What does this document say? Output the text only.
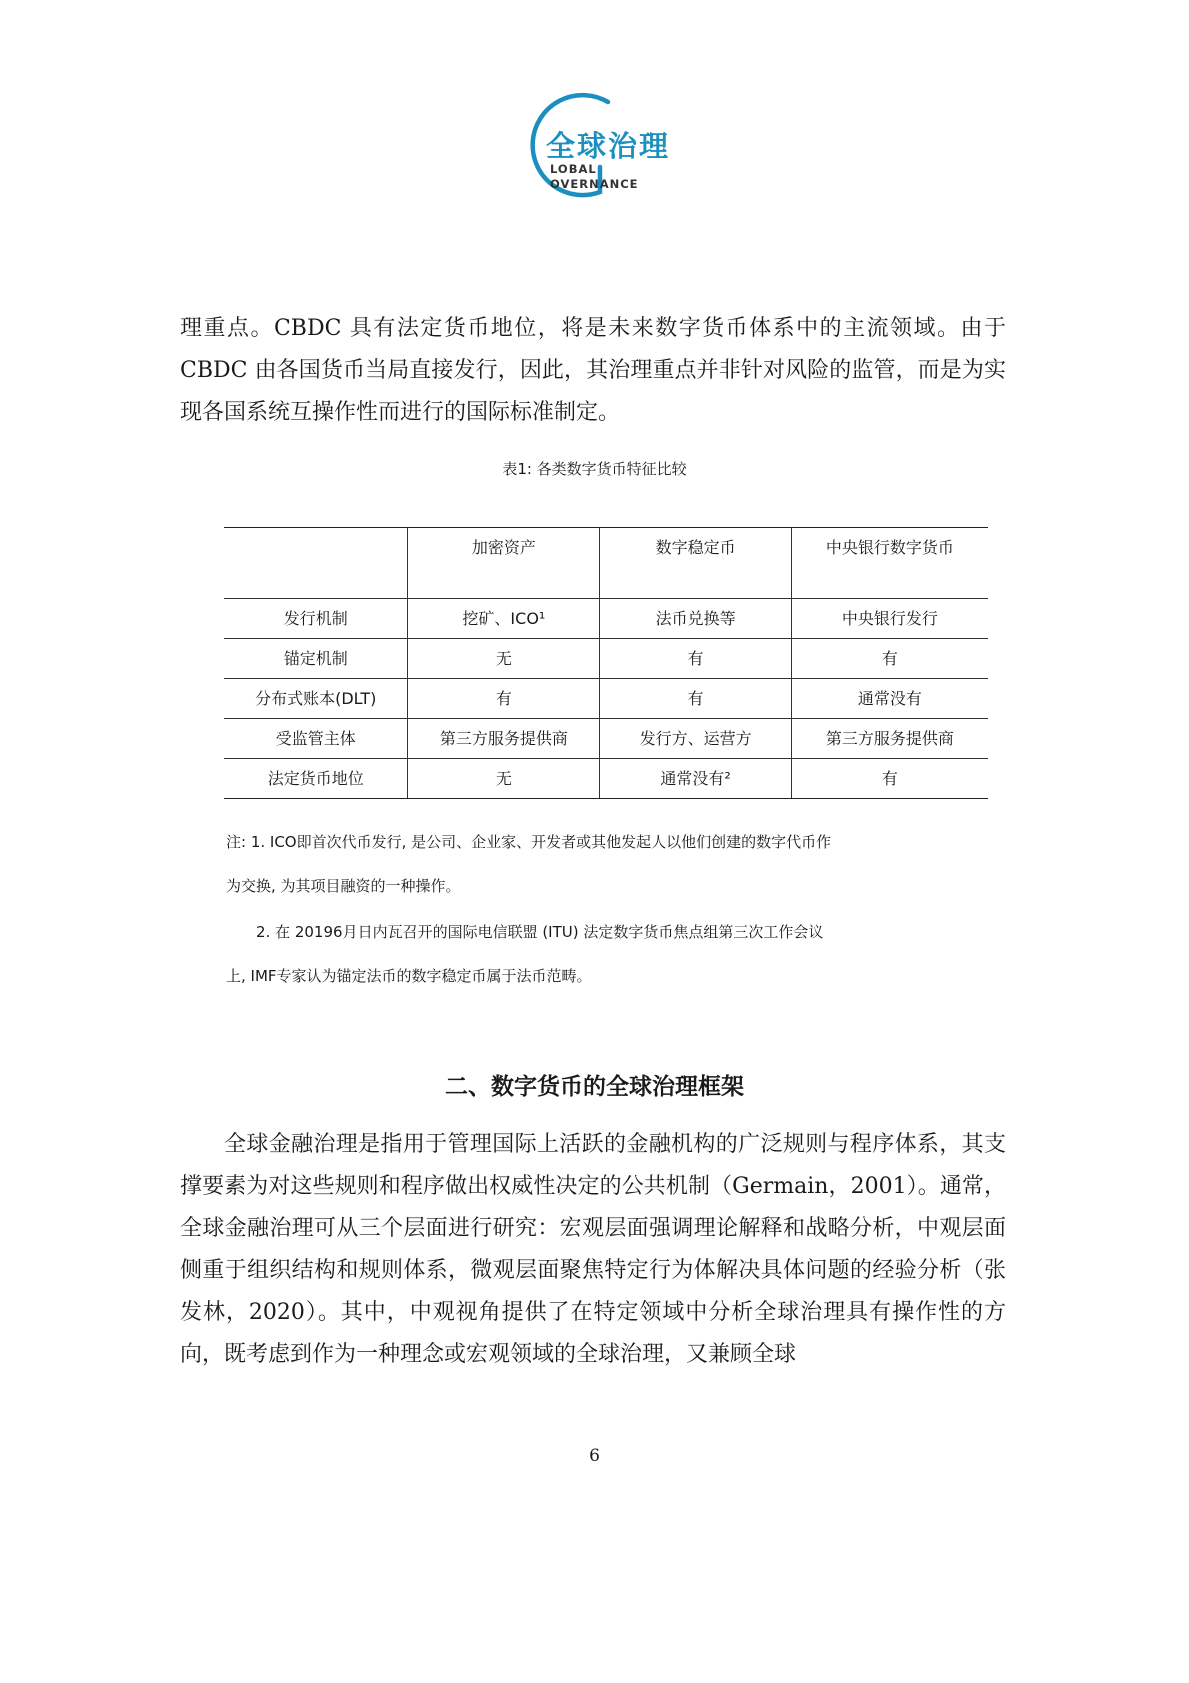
全球治理
LOBAL
OVERNANCE

理重点。CBDC 具有法定货币地位，将是未来数字货币体系中的主流领域。由于 CBDC 由各国货币当局直接发行，因此，其治理重点并非针对风险的监管，而是为实现各国系统互操作性而进行的国际标准制定。

表1: 各类数字货币特征比较
	加密资产	数字稳定币	中央银行数字货币
发行机制	挖矿、ICO¹	法币兑换等	中央银行发行
锚定机制	无	有	有
分布式账本(DLT)	有	有	通常没有
受监管主体	第三方服务提供商	发行方、运营方	第三方服务提供商
法定货币地位	无	通常没有²	有
注: 1. ICO即首次代币发行, 是公司、企业家、开发者或其他发起人以他们创建的数字代币作
为交换, 为其项目融资的一种操作。
2. 在 20196月日内瓦召开的国际电信联盟 (ITU) 法定数字货币焦点组第三次工作会议
上, IMF专家认为锚定法币的数字稳定币属于法币范畴。
二、数字货币的全球治理框架

全球金融治理是指用于管理国际上活跃的金融机构的广泛规则与程序体系，其支撑要素为对这些规则和程序做出权威性决定的公共机制（Germain，2001）。通常，全球金融治理可从三个层面进行研究：宏观层面强调理论解释和战略分析，中观层面侧重于组织结构和规则体系，微观层面聚焦特定行为体解决具体问题的经验分析（张发林，2020）。其中，中观视角提供了在特定领域中分析全球治理具有操作性的方向，既考虑到作为一种理念或宏观领域的全球治理，又兼顾全球

6
